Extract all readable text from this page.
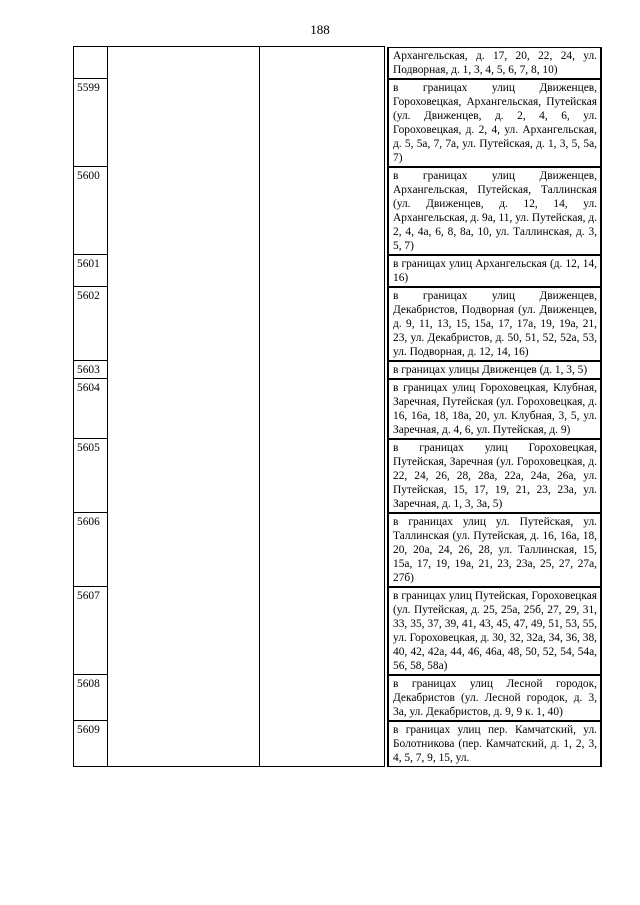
188

			Архангельская, д. 17, 20, 22, 24, ул. Подворная, д. 1, 3, 4, 5, 6, 7, 8, 10)

5599			в границах улиц Движенцев, Гороховецкая, Архангельская, Путейская (ул. Движенцев, д. 2, 4, 6, ул. Гороховецкая, д. 2, 4, ул. Архангельская, д. 5, 5а, 7, 7а, ул. Путейская, д. 1, 3, 5, 5а, 7)

5600			в границах улиц Движенцев, Архангельская, Путейская, Таллинская (ул. Движенцев, д. 12, 14, ул. Архангельская, д. 9а, 11, ул. Путейская, д. 2, 4, 4а, 6, 8, 8а, 10, ул. Таллинская, д. 3, 5, 7)

5601			в границах улиц Архангельская (д. 12, 14, 16)

5602			в границах улиц Движенцев, Декабристов, Подворная (ул. Движенцев, д. 9, 11, 13, 15, 15а, 17, 17а, 19, 19а, 21, 23, ул. Декабристов, д. 50, 51, 52, 52а, 53, ул. Подворная, д. 12, 14, 16)

5603			в границах улицы Движенцев (д. 1, 3, 5)

5604			в границах улиц Гороховецкая, Клубная, Заречная, Путейская (ул. Гороховецкая, д. 16, 16а, 18, 18а, 20, ул. Клубная, 3, 5, ул. Заречная, д. 4, 6, ул. Путейская, д. 9)

5605			в границах улиц Гороховецкая, Путейская, Заречная (ул. Гороховецкая, д. 22, 24, 26, 28, 28а, 22а, 24а, 26а, ул. Путейская, 15, 17, 19, 21, 23, 23а, ул. Заречная, д. 1, 3, 3а, 5)

5606			в границах улиц ул. Путейская, ул. Таллинская (ул. Путейская, д. 16, 16а, 18, 20, 20а, 24, 26, 28, ул. Таллинская, 15, 15а, 17, 19, 19а, 21, 23, 23а, 25, 27, 27а, 27б)

5607			в границах улиц Путейская, Гороховецкая (ул. Путейская, д. 25, 25а, 25б, 27, 29, 31, 33, 35, 37, 39, 41, 43, 45, 47, 49, 51, 53, 55, ул. Гороховецкая, д. 30, 32, 32а, 34, 36, 38, 40, 42, 42а, 44, 46, 46а, 48, 50, 52, 54, 54а, 56, 58, 58а)

5608			в границах улиц Лесной городок, Декабристов (ул. Лесной городок, д. 3, 3а, ул. Декабристов, д. 9, 9 к. 1, 40)

5609			в границах улиц пер. Камчатский, ул. Болотникова (пер. Камчатский, д. 1, 2, 3, 4, 5, 7, 9, 15, ул.
